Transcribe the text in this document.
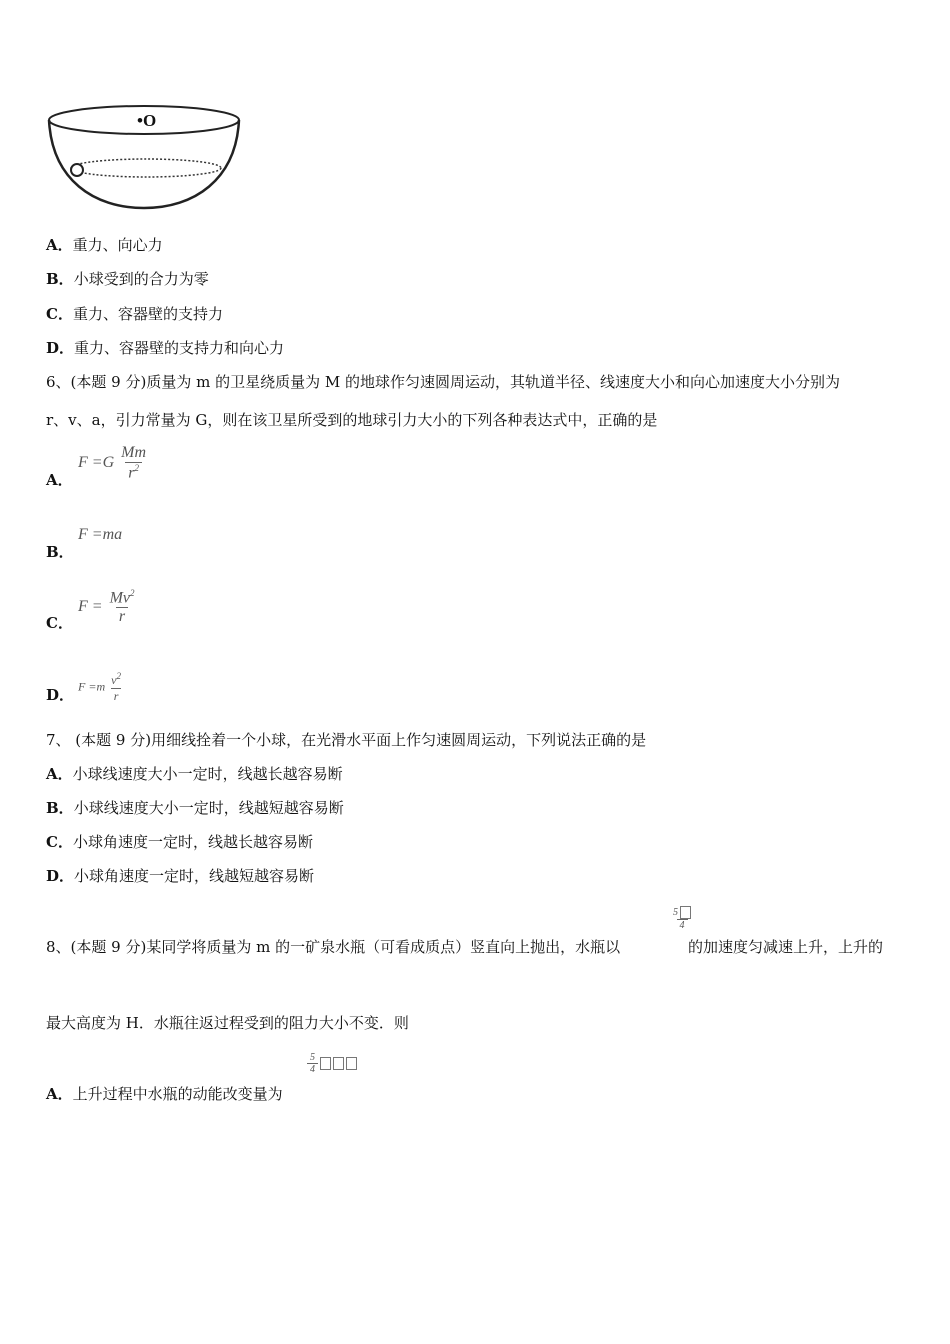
•O
A．重力、向心力
B．小球受到的合力为零
C．重力、容器壁的支持力
D．重力、容器壁的支持力和向心力
6、(本题 9 分)质量为 m 的卫星绕质量为 M 的地球作匀速圆周运动，其轨道半径、线速度大小和向心加速度大小分别为
r、v、a，引力常量为 G，则在该卫星所受到的地球引力大小的下列各种表达式中，正确的是
A．
$F =G \frac{Mm}{r^2}$
B．
F =ma
C．
$F = \frac{Mv^2}{r}$
D． $F =m \frac{v^2}{r}$
7、 (本题 9 分)用细线拴着一个小球，在光滑水平面上作匀速圆周运动，下列说法正确的是
A．小球线速度大小一定时，线越长越容易断
B．小球线速度大小一定时，线越短越容易断
C．小球角速度一定时，线越长越容易断
D．小球角速度一定时，线越短越容易断
8、(本题 9 分)某同学将质量为 m 的一矿泉水瓶（可看成质点）竖直向上抛出，水瓶以
$\frac{5}{4}$
的加速度匀减速上升，上升的
最大高度为 H．水瓶往返过程受到的阻力大小不变．则
$\frac{5}{4}$
A．上升过程中水瓶的动能改变量为
